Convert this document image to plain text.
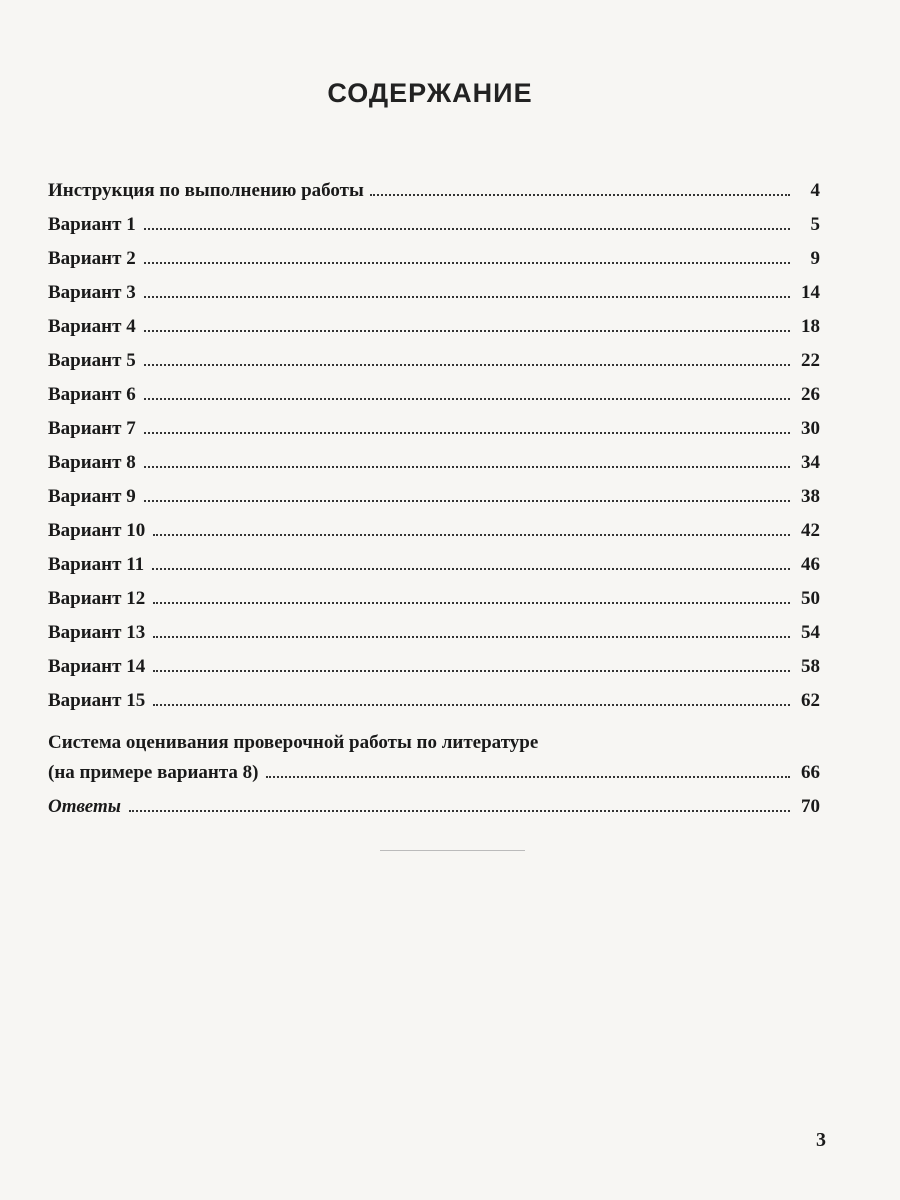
СОДЕРЖАНИЕ
Инструкция по выполнению работы	4
Вариант 1	5
Вариант 2	9
Вариант 3	14
Вариант 4	18
Вариант 5	22
Вариант 6	26
Вариант 7	30
Вариант 8	34
Вариант 9	38
Вариант 10	42
Вариант 11	46
Вариант 12	50
Вариант 13	54
Вариант 14	58
Вариант 15	62
Система оценивания проверочной работы по литературе
(на примере варианта 8)	66
Ответы	70
3
